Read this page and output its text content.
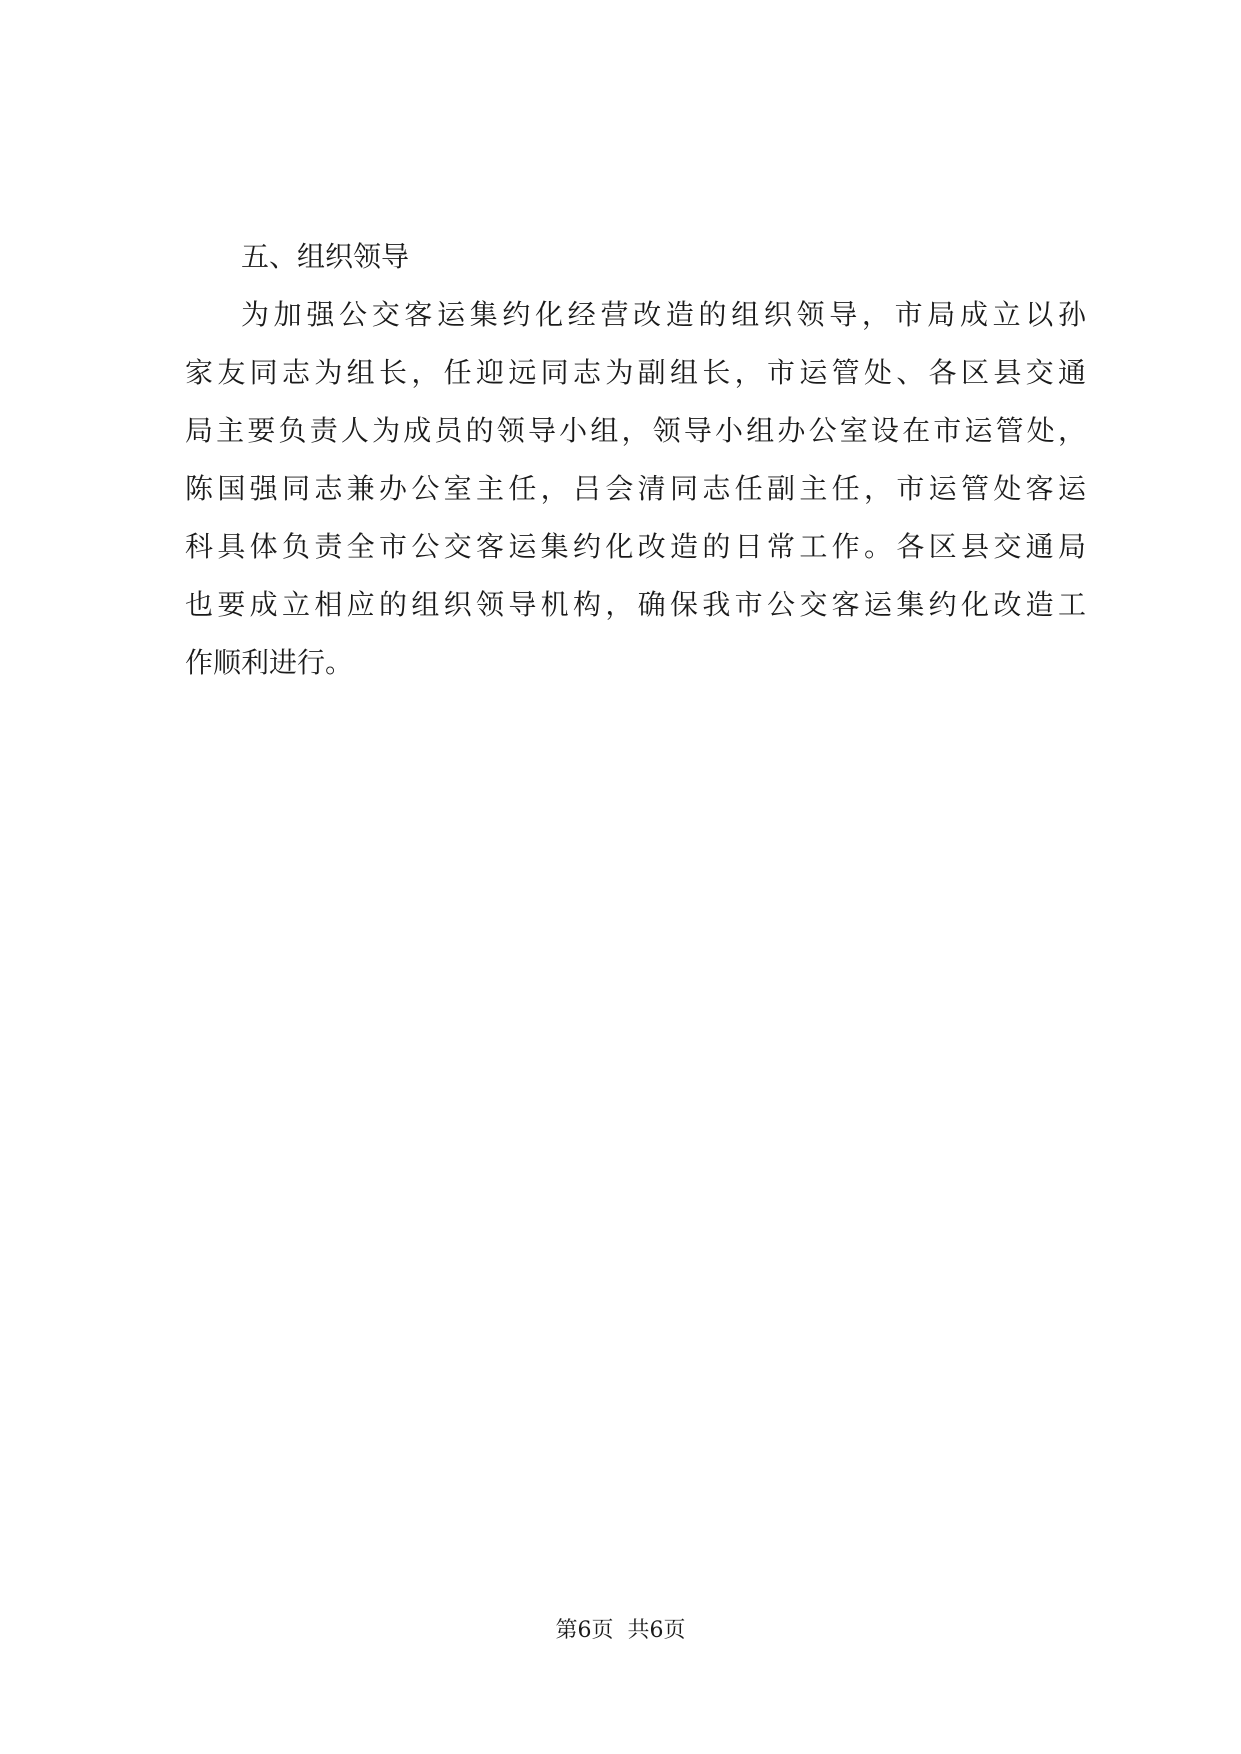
五、组织领导
为加强公交客运集约化经营改造的组织领导，市局成立以孙
家友同志为组长，任迎远同志为副组长，市运管处、各区县交通
局主要负责人为成员的领导小组，领导小组办公室设在市运管处，
陈国强同志兼办公室主任，吕会清同志任副主任，市运管处客运
科具体负责全市公交客运集约化改造的日常工作。各区县交通局
也要成立相应的组织领导机构，确保我市公交客运集约化改造工
作顺利进行。
第6页 共6页
